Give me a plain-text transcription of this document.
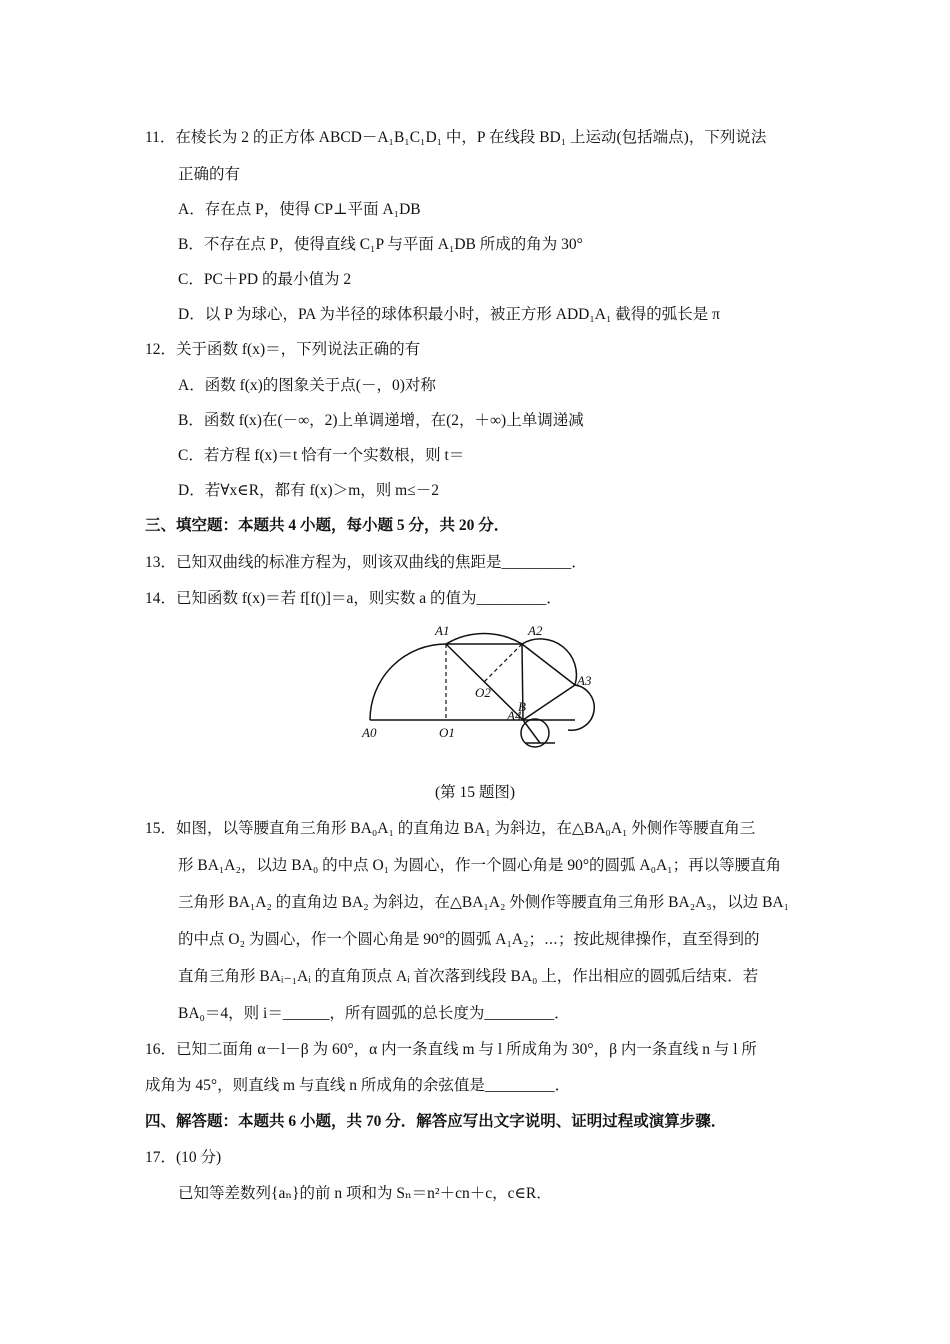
11．在棱长为 2 的正方体 ABCD－A₁B₁C₁D₁ 中，P 在线段 BD₁ 上运动(包括端点)，下列说法
正确的有
A．存在点 P，使得 CP⊥平面 A₁DB
B．不存在点 P，使得直线 C₁P 与平面 A₁DB 所成的角为 30°
C．PC＋PD 的最小值为 2
D．以 P 为球心，PA 为半径的球体积最小时，被正方形 ADD₁A₁ 截得的弧长是 π
12．关于函数 f(x)＝，下列说法正确的有
A．函数 f(x)的图象关于点(－，0)对称
B．函数 f(x)在(－∞，2)上单调递增，在(2，＋∞)上单调递减
C．若方程 f(x)＝t 恰有一个实数根，则 t＝
D．若∀x∈R，都有 f(x)＞m，则 m≤－2
三、填空题：本题共 4 小题，每小题 5 分，共 20 分．
13．已知双曲线的标准方程为，则该双曲线的焦距是_________．
14．已知函数 f(x)＝若 f[f()]＝a，则实数 a 的值为_________．
A1	A2
A3
A4
A0	O1
O2
B
(第 15 题图)
15．如图，以等腰直角三角形 BA₀A₁ 的直角边 BA₁ 为斜边，在△BA₀A₁ 外侧作等腰直角三
形 BA₁A₂，以边 BA₀ 的中点 O₁ 为圆心，作一个圆心角是 90°的圆弧 A₀A₁；再以等腰直角
三角形 BA₁A₂ 的直角边 BA₂ 为斜边，在△BA₁A₂ 外侧作等腰直角三角形 BA₂A₃，以边 BA₁
的中点 O₂ 为圆心，作一个圆心角是 90°的圆弧 A₁A₂；⋯；按此规律操作，直至得到的
直角三角形 BAᵢ₋₁Aᵢ 的直角顶点 Aᵢ 首次落到线段 BA₀ 上，作出相应的圆弧后结束．若
BA₀＝4，则 i＝______，所有圆弧的总长度为_________．
16．已知二面角 α－l－β 为 60°，α 内一条直线 m 与 l 所成角为 30°，β 内一条直线 n 与 l 所
成角为 45°，则直线 m 与直线 n 所成角的余弦值是_________．
四、解答题：本题共 6 小题，共 70 分．解答应写出文字说明、证明过程或演算步骤．
17．(10 分)
已知等差数列{aₙ}的前 n 项和为 Sₙ＝n²＋cn＋c，c∈R．
